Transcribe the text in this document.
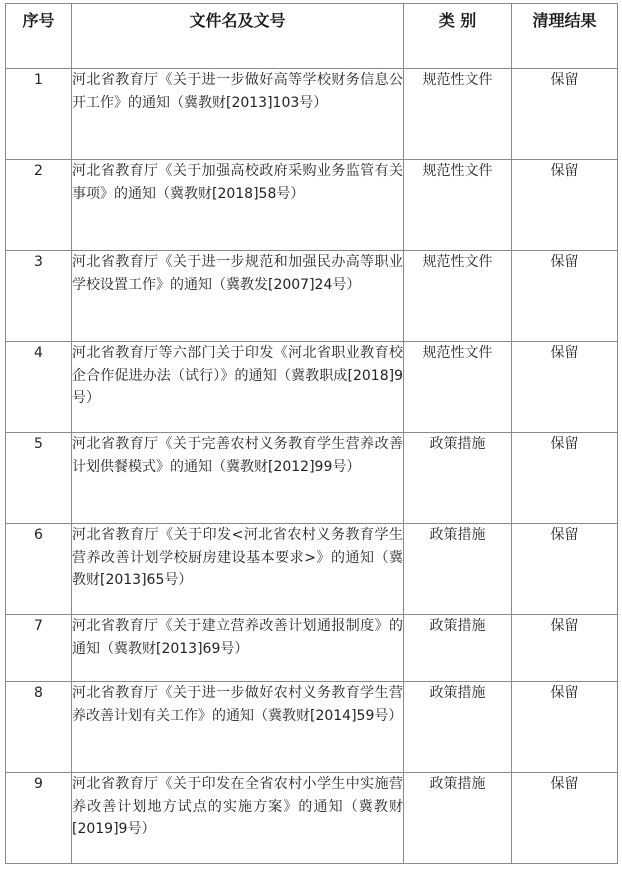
序号	文件名及文号	类 别	清理结果
1	河北省教育厅《关于进一步做好高等学校财务信息公开工作》的通知（冀教财[2013]103号）	规范性文件	保留
2	河北省教育厅《关于加强高校政府采购业务监管有关事项》的通知（冀教财[2018]58号）	规范性文件	保留
3	河北省教育厅《关于进一步规范和加强民办高等职业学校设置工作》的通知（冀教发[2007]24号）	规范性文件	保留
4	河北省教育厅等六部门关于印发《河北省职业教育校企合作促进办法（试行）》的通知（冀教职成[2018]9号）	规范性文件	保留
5	河北省教育厅《关于完善农村义务教育学生营养改善计划供餐模式》的通知（冀教财[2012]99号）	政策措施	保留
6	河北省教育厅《关于印发<河北省农村义务教育学生营养改善计划学校厨房建设基本要求>》的通知（冀教财[2013]65号）	政策措施	保留
7	河北省教育厅《关于建立营养改善计划通报制度》的通知（冀教财[2013]69号）	政策措施	保留
8	河北省教育厅《关于进一步做好农村义务教育学生营养改善计划有关工作》的通知（冀教财[2014]59号）	政策措施	保留
9	河北省教育厅《关于印发在全省农村小学生中实施营养改善计划地方试点的实施方案》的通知（冀教财[2019]9号）	政策措施	保留
